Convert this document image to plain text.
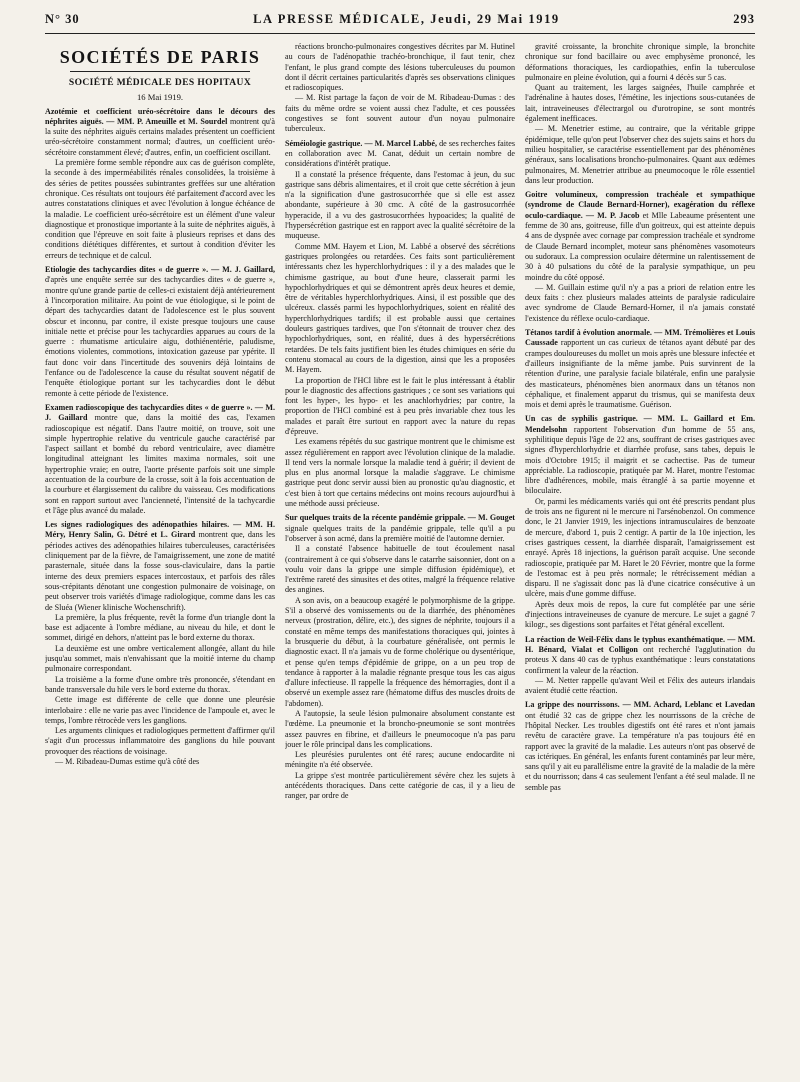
N° 30	LA PRESSE MÉDICALE, Jeudi, 29 Mai 1919	293
SOCIÉTÉS DE PARIS
SOCIÉTÉ MÉDICALE DES HOPITAUX
16 Mai 1919.

Azotémie et coefficient uréo-sécrétoire dans le décours des néphrites aiguës. — MM. P. Ameuille et M. Sourdel montrent qu'à la suite des néphrites aiguës certains malades présentent un coefficient uréo-sécrétoire constamment normal; d'autres, un coefficient uréo-sécrétoire constamment élevé; d'autres, enfin, un coefficient oscillant.

La première forme semble répondre aux cas de guérison complète, la seconde à des imperméabilités rénales consolidées, la troisième à des séries de petites poussées subintrantes greffées sur une altération chronique. Ces résultats ont toujours été parfaitement d'accord avec les autres constatations cliniques et avec l'évolution à longue échéance de la maladie. Le coefficient uréo-sécrétoire est un élément d'une valeur diagnostique et pronostique importante à la suite de néphrites aiguës, à condition que l'épreuve en soit faite à plusieurs reprises et dans des conditions diététiques différentes, et surtout à condition d'éviter les erreurs de technique et de calcul.

Etiologie des tachycardies dites « de guerre ». — M. J. Gaillard, d'après une enquête serrée sur des tachycardies dites « de guerre », montre qu'une grande partie de celles-ci existaient déjà antérieurement à l'incorporation militaire. Au point de vue étiologique, si le point de départ des tachycardies datant de l'adolescence est le plus souvent obscur et inconnu, par contre, il existe presque toujours une cause initiale nette et précise pour les tachycardies apparues au cours de la guerre : rhumatisme articulaire aigu, dothiénentérie, paludisme, émotions violentes, commotions, intoxication gazeuse par ypérite. Il faut donc voir dans l'incertitude des souvenirs déjà lointains de l'enfance ou de l'adolescence la cause du résultat souvent négatif de l'enquête étiologique portant sur les tachycardies dont le début remonte à cette période de l'existence.

Examen radioscopique des tachycardies dites « de guerre ». — M. J. Gaillard montre que, dans la moitié des cas, l'examen radioscopique est négatif. Dans l'autre moitié, on trouve, soit une simple hypertrophie relative du ventricule gauche caractérisé par l'aspect saillant et bombé du rebord ventriculaire, avec diamètre longitudinal atteignant les limites maxima normales, soit une hypertrophie vraie; en outre, l'aorte présente parfois soit une simple accentuation de la courbure de la crosse, soit à la fois accentuation de la courbure et élargissement du calibre du vaisseau. Ces modifications sont en rapport surtout avec l'ancienneté, l'intensité de la tachycardie et l'âge plus avancé du malade.

Les signes radiologiques des adénopathies hilaires. — MM. H. Méry, Henry Salin, G. Détré et L. Girard montrent que, dans les périodes actives des adénopathies hilaires tuberculeuses, caractérisées cliniquement par de la fièvre, de l'amaigrissement, une zone de matité parasternale, située dans la fosse sous-claviculaire, dans la partie interne des deux premiers espaces intercostaux, et parfois des râles sous-crépitants dénotant une congestion pulmonaire de voisinage, on peut observer trois variétés d'image radiologique, comme dans les cas de Sluéa (Wiener klinische Wochenschrift).

La première, la plus fréquente, revêt la forme d'un triangle dont la base est adjacente à l'ombre médiane, au niveau du hile, et dont le sommet, dirigé en dehors, n'atteint pas le bord externe du thorax.

La deuxième est une ombre verticalement allongée, allant du hile jusqu'au sommet, mais n'envahissant que la moitié interne du champ pulmonaire correspondant.

La troisième a la forme d'une ombre très prononcée, s'étendant en bande transversale du hile vers le bord externe du thorax.

Cette image est différente de celle que donne une pleurésie interlobaire : elle ne varie pas avec l'incidence de l'ampoule et, avec le temps, l'ombre rétrocède vers les ganglions.

Les arguments cliniques et radiologiques permettent d'affirmer qu'il s'agit d'un processus inflammatoire des ganglions du hile pouvant provoquer des réactions de voisinage.

— M. Ribadeau-Dumas estime qu'à côté des

réactions broncho-pulmonaires congestives décrites par M. Hutinel au cours de l'adénopathie trachéo-bronchique, il faut tenir, chez l'enfant, le plus grand compte des lésions tuberculeuses du poumon dont il décrit certaines particularités d'après ses observations cliniques et radioscopiques.

— M. Rist partage la façon de voir de M. Ribadeau-Dumas : des faits du même ordre se voient aussi chez l'adulte, et ces poussées congestives se font souvent autour d'un noyau pulmonaire tuberculeux.

Séméiologie gastrique. — M. Marcel Labbé, de ses recherches faites en collaboration avec M. Canat, déduit un certain nombre de considérations d'intérêt pratique.

Il a constaté la présence fréquente, dans l'estomac à jeun, du suc gastrique sans débris alimentaires, et il croit que cette sécrétion à jeun n'a la signification d'une gastrosucorrhée que si elle est assez abondante, supérieure à 30 cmc. A côté de la gastrosucorrhée hyperacide, il a vu des gastrosucorrhées hypoacides; la qualité de l'hypersécrétion gastrique est en rapport avec la qualité sécrétoire de la muqueuse.

Comme MM. Hayem et Lion, M. Labbé a observé des sécrétions gastriques prolongées ou retardées. Ces faits sont particulièrement intéressants chez les hyperchlorhydriques : il y a des malades que le chimisme gastrique, au bout d'une heure, classerait parmi les hypochlorhydriques et qui se démontrent après deux heures et demie, être de véritables hyperchlorhydriques. Ainsi, il est possible que des ulcéreux. classés parmi les hypochlorhydriques, soient en réalité des hyperchlorhydriques tardifs; il est probable aussi que certaines douleurs gastriques tardives, que l'on s'étonnait de trouver chez des hypochlorhydriques, sont, en réalité, dues à des hypersécrétions retardées. De tels faits justifient bien les études chimiques en série du contenu stomacal au cours de la digestion, ainsi que les a proposées M. Hayem.

La proportion de l'HCl libre est le fait le plus intéressant à établir pour le diagnostic des affections gastriques ; ce sont ses variations qui font les hyper-, les hypo- et les anachlorhydries; par contre, la proportion de l'HCl combiné est à peu près invariable chez tous les malades et paraît être surtout en rapport avec la nature du repas d'épreuve.

Les examens répétés du suc gastrique montrent que le chimisme est assez régulièrement en rapport avec l'évolution clinique de la maladie. Il tend vers la normale lorsque la maladie tend à guérir; il devient de plus en plus anormal lorsque la maladie s'aggrave. Le chimisme gastrique peut donc servir aussi bien au pronostic qu'au diagnostic, et c'est bien à tort que certains médecins ont moins recours aujourd'hui à une méthode aussi précieuse.

Sur quelques traits de la récente pandémie grippale. — M. Gouget signale quelques traits de la pandémie grippale, telle qu'il a pu l'observer à son acmé, dans la première moitié de l'automne dernier.

Il a constaté l'absence habituelle de tout écoulement nasal (contrairement à ce qui s'observe dans le catarrhe saisonnier, dont on a voulu voir dans la grippe une simple diffusion épidémique), et l'extrême rareté des sinusites et des otites, malgré la fréquence relative des angines.

A son avis, on a beaucoup exagéré le polymorphisme de la grippe. S'il a observé des vomissements ou de la diarrhée, des phénomènes nerveux (prostration, délire, etc.), des signes de néphrite, toujours il a constaté en même temps des manifestations thoraciques qui, jointes à la brusquerie du début, à la courbature généralisée, ont permis le diagnostic exact. Il n'a jamais vu de forme cholérique ou dysentérique, et pense qu'en temps d'épidémie de grippe, on a un peu trop de tendance à rapporter à la maladie régnante presque tous les cas aigus d'allure infectieuse. Il rappelle la fréquence des hémorragies, dont il a observé un exemple assez rare (hématome diffus des muscles droits de l'abdomen).

A l'autopsie, la seule lésion pulmonaire absolument constante est l'œdème. La pneumonie et la broncho-pneumonie se sont montrées assez pauvres en fibrine, et d'ailleurs le pneumocoque n'a pas paru jouer le rôle principal dans les complications.

Les pleurésies purulentes ont été rares; aucune endocardite ni méningite n'a été observée.

La grippe s'est montrée particulièrement sévère chez les sujets à antécédents thoraciques. Dans cette catégorie de cas, il y a lieu de ranger, par ordre de

gravité croissante, la bronchite chronique simple, la bronchite chronique sur fond bacillaire ou avec emphysème prononcé, les déformations thoraciques, les cardiopathies, enfin la tuberculose pulmonaire en pleine évolution, qui a fourni 4 décès sur 5 cas.

Quant au traitement, les larges saignées, l'huile camphrée et l'adrénaline à hautes doses, l'émétine, les injections sous-cutanées de lait, intraveineuses d'électrargol ou d'urotropine, se sont montrés également inefficaces.

— M. Menetrier estime, au contraire, que la véritable grippe épidémique, telle qu'on peut l'observer chez des sujets sains et hors du milieu hospitalier, se caractérise essentiellement par des phénomènes généraux, sans localisations broncho-pulmonaires. Quant aux œdèmes pulmonaires, M. Menetrier attribue au pneumocoque le rôle essentiel dans leur production.

Goitre volumineux, compression trachéale et sympathique (syndrome de Claude Bernard-Horner), exagération du réflexe oculo-cardiaque. — M. P. Jacob et Mlle Labeaume présentent une femme de 30 ans, goitreuse, fille d'un goitreux, qui est atteinte depuis 4 ans de dyspnée avec cornage par compression trachéale et syndrome de Claude Bernard incomplet, moteur sans phénomènes vasomoteurs ou sudoraux. La compression oculaire détermine un ralentissement de 30 à 40 pulsations du côté de la paralysie sympathique, un peu moindre du côté opposé.

— M. Guillain estime qu'il n'y a pas a priori de relation entre les deux faits : chez plusieurs malades atteints de paralysie radiculaire avec syndrome de Claude Bernard-Horner, il n'a jamais constaté l'existence du réflexe oculo-cardiaque.

Tétanos tardif à évolution anormale. — MM. Trémolières et Louis Caussade rapportent un cas curieux de tétanos ayant débuté par des crampes douloureuses du mollet un mois après une blessure infectée et d'ailleurs insignifiante de la même jambe. Puis survinrent de la rétention d'urine, une paralysie faciale bilatérale, enfin une paralysie des masticateurs, phénomènes bien anormaux dans un tétanos non céphalique, et finalement apparut du trismus, qui se manifesta deux mois et demi après le traumatisme. Guérison.

Un cas de syphilis gastrique. — MM. L. Gaillard et Em. Mendelsohn rapportent l'observation d'un homme de 55 ans, syphilitique depuis l'âge de 22 ans, souffrant de crises gastriques avec signes d'hyperchlorhydrie et diarrhée profuse, sans tabes, depuis le mois d'Octobre 1915; il maigrit et se cachectise. Pas de tumeur appréciable. La radioscopie, pratiquée par M. Haret, montre l'estomac libre d'adhérences, mobile, mais étranglé à sa partie moyenne et biloculaire.

Or, parmi les médicaments variés qui ont été prescrits pendant plus de trois ans ne figurent ni le mercure ni l'arsénobenzol. On commence donc, le 21 Janvier 1919, les injections intramusculaires de benzoate de mercure, d'abord 1, puis 2 centigr. A partir de la 10e injection, les crises gastriques cessent, la diarrhée disparaît, l'amaigrissement est enrayé. Après 18 injections, la guérison paraît acquise. Une seconde radioscopie, pratiquée par M. Haret le 20 Février, montre que la forme de l'estomac est à peu près normale; le rétrécissement médian a disparu. Il ne s'agissait donc pas là d'une cicatrice consécutive à un ulcère, mais d'une gomme diffuse.

Après deux mois de repos, la cure fut complétée par une série d'injections intraveineuses de cyanure de mercure. Le sujet a gagné 7 kilogr., ses digestions sont parfaites et l'état général excellent.

La réaction de Weil-Félix dans le typhus exanthématique. — MM. H. Bénard, Vialat et Colligon ont recherché l'agglutination du proteus X dans 40 cas de typhus exanthématique : leurs constatations confirment la valeur de la réaction.

— M. Netter rappelle qu'avant Weil et Félix des auteurs irlandais avaient étudié cette réaction.

La grippe des nourrissons. — MM. Achard, Leblanc et Lavedan ont étudié 32 cas de grippe chez les nourrissons de la crèche de l'hôpital Necker. Les troubles digestifs ont été rares et n'ont jamais revêtu de caractère grave. La température n'a pas toujours été en rapport avec la gravité de la maladie. Les auteurs n'ont pas observé de cas ictériques. En général, les enfants furent contaminés par leur mère, sans qu'il y ait eu parallélisme entre la gravité de la maladie de la mère et du nourrisson; dans 4 cas seulement l'enfant a été seul malade. Il ne semble pas
